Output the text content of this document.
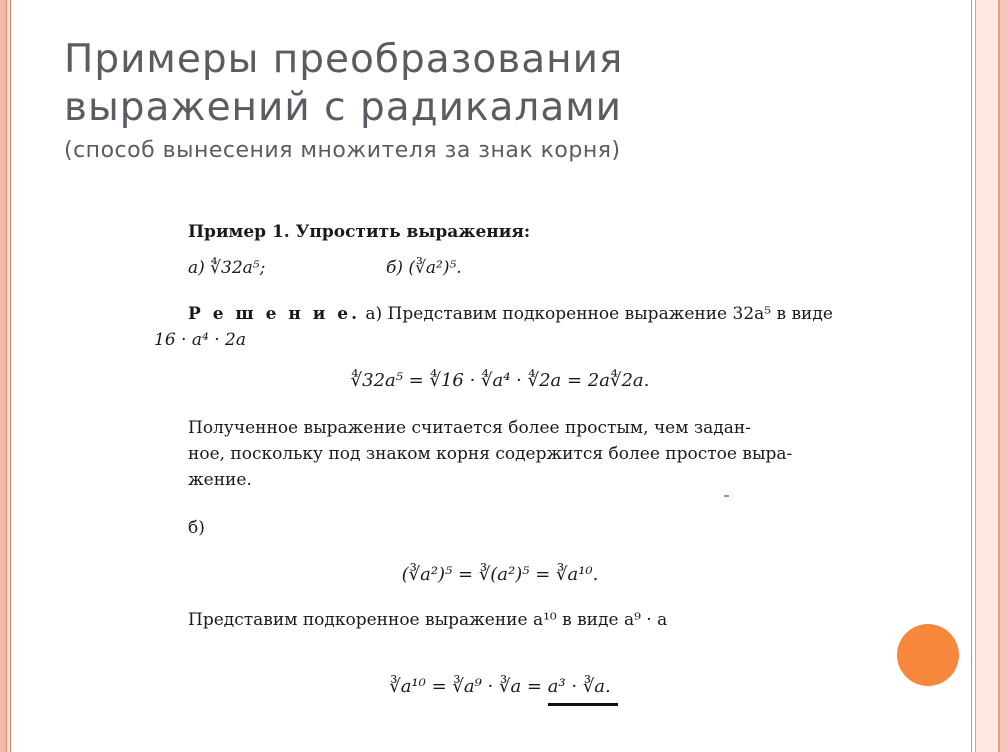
Примеры преобразования
выражений с радикалами
(способ вынесения множителя за знак корня)
Пример 1. Упростить выражения:
а) ∜32a⁵;	б) (∛a²)⁵.
Р е ш е н и е. а) Представим подкоренное выражение 32a⁵ в виде
16 · a⁴ · 2a
∜32a⁵ = ∜16 · ∜a⁴ · ∜2a = 2a∜2a.
Полученное выражение считается более простым, чем задан-
ное, поскольку под знаком корня содержится более простое выра-
жение.
б)
(∛a²)⁵ = ∛(a²)⁵ = ∛a¹⁰.
Представим подкоренное выражение a¹⁰ в виде a⁹ · a
∛a¹⁰ = ∛a⁹ · ∛a = a³ · ∛a.
